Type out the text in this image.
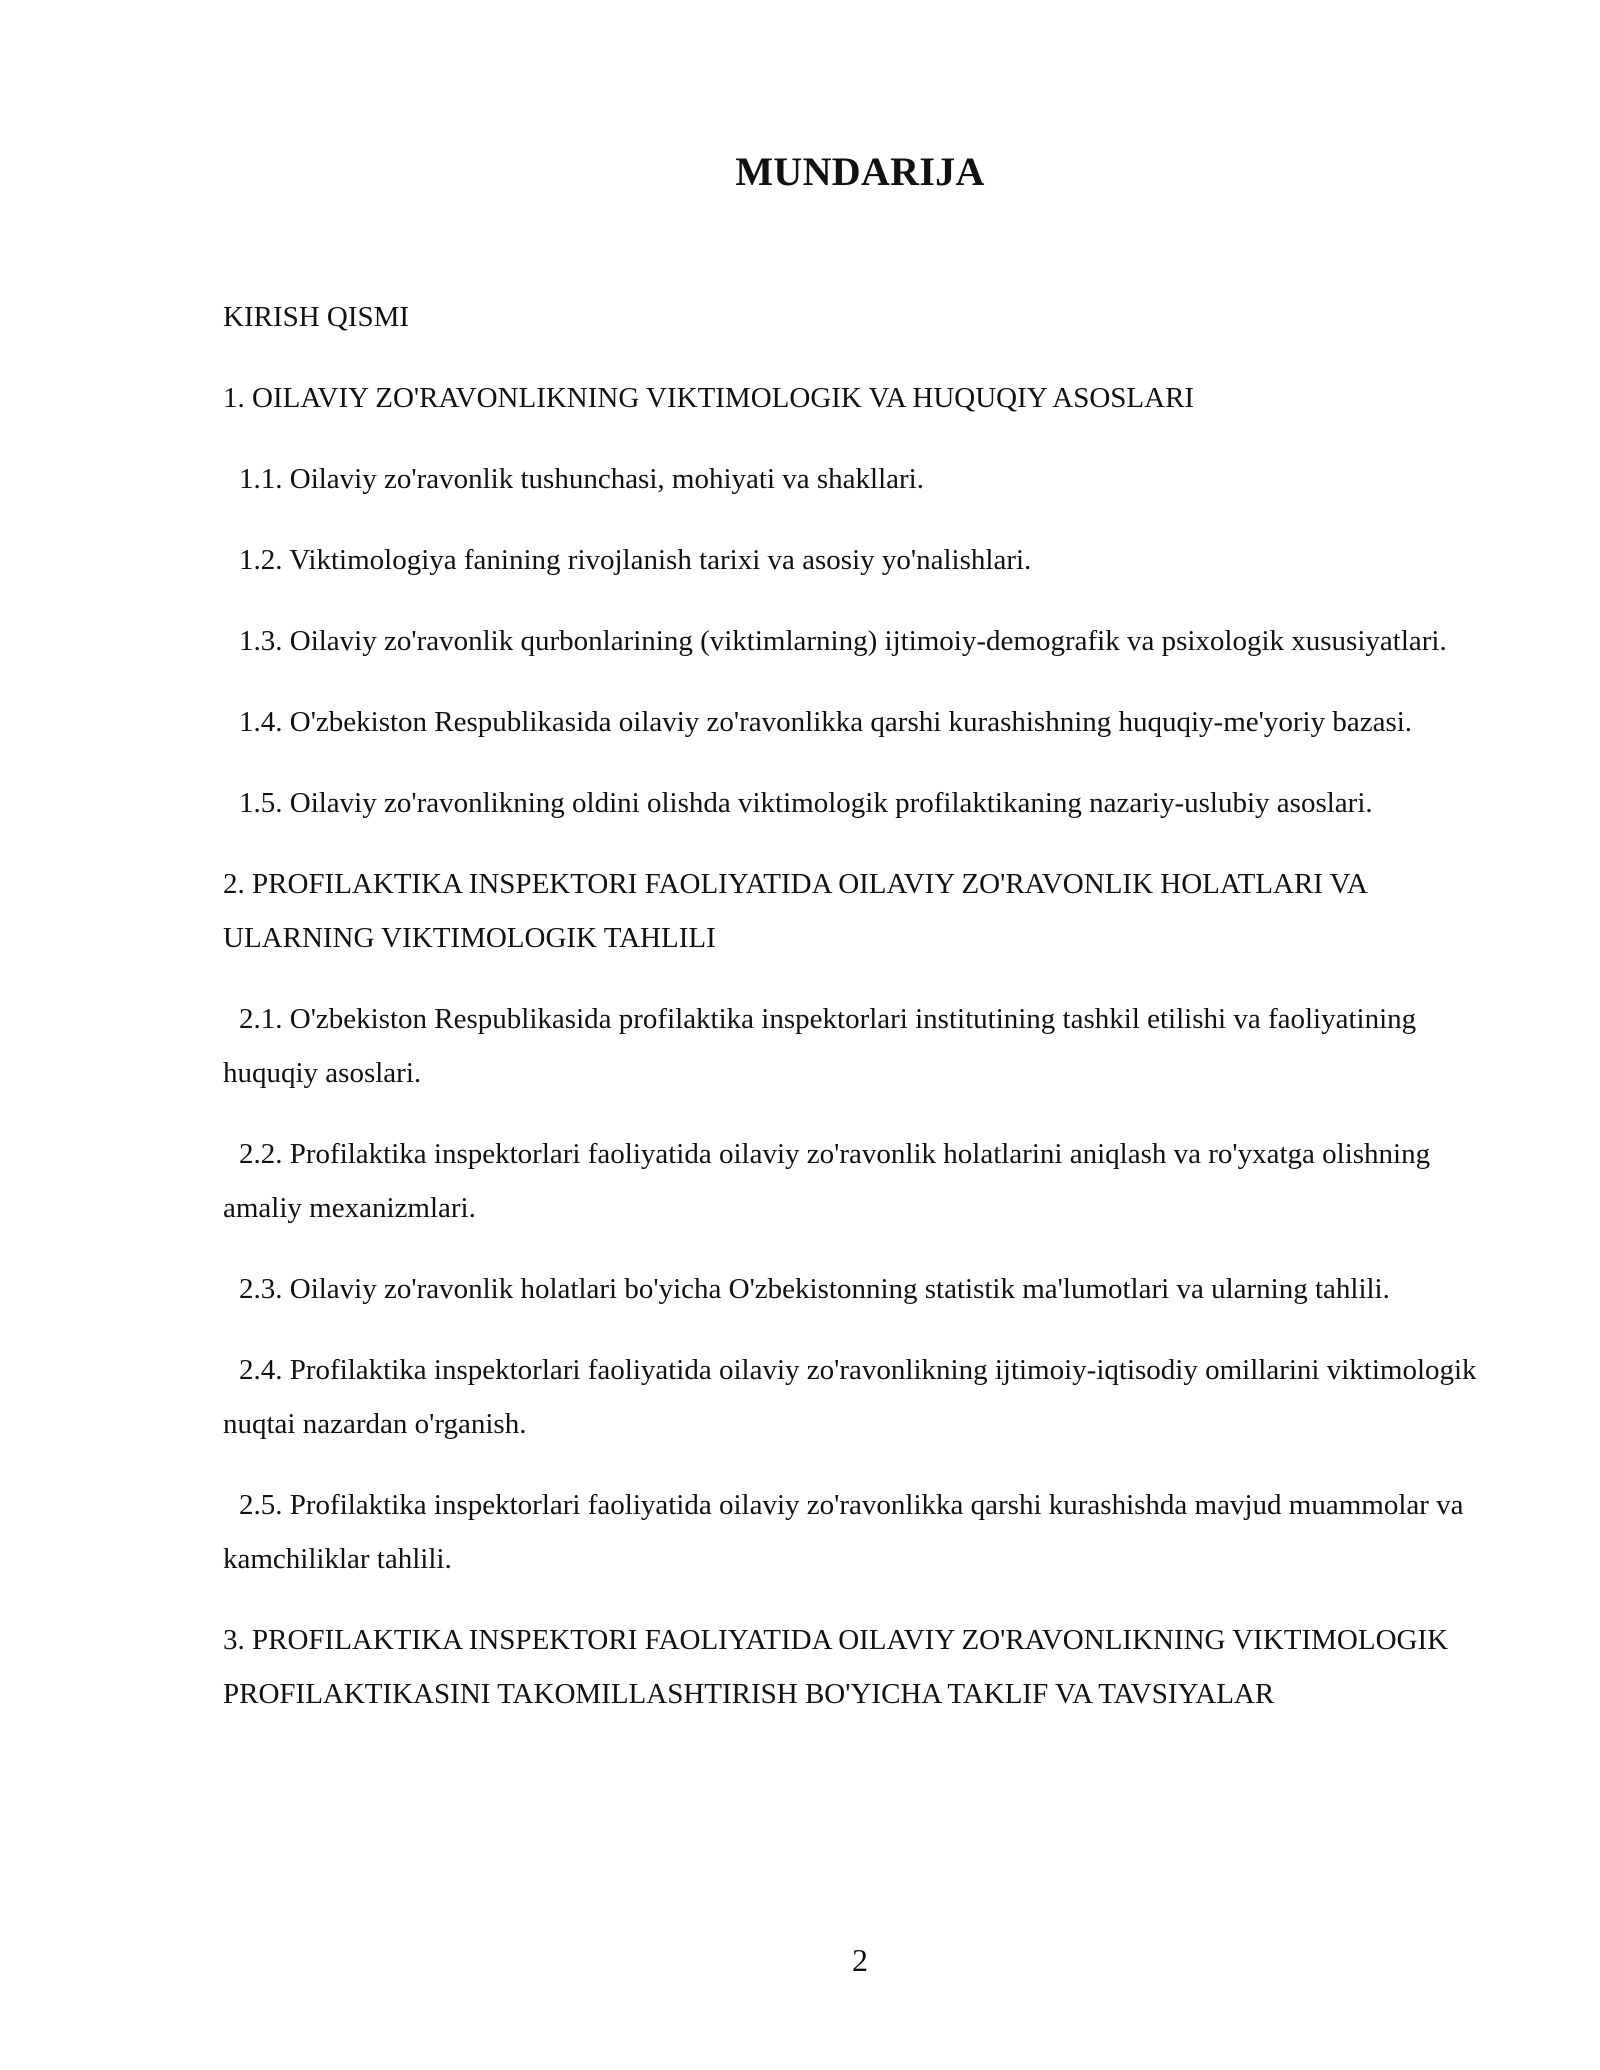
MUNDARIJA
KIRISH QISMI
1. OILAVIY ZO'RAVONLIKNING VIKTIMOLOGIK VA HUQUQIY ASOSLARI
1.1. Oilaviy zo'ravonlik tushunchasi, mohiyati va shakllari.
1.2. Viktimologiya fanining rivojlanish tarixi va asosiy yo'nalishlari.
1.3. Oilaviy zo'ravonlik qurbonlarining (viktimlarning) ijtimoiy-demografik va psixologik xususiyatlari.
1.4. O'zbekiston Respublikasida oilaviy zo'ravonlikka qarshi kurashishning huquqiy-me'yoriy bazasi.
1.5. Oilaviy zo'ravonlikning oldini olishda viktimologik profilaktikaning nazariy-uslubiy asoslari.
2. PROFILAKTIKA INSPEKTORI FAOLIYATIDA OILAVIY ZO'RAVONLIK HOLATLARI VA ULARNING VIKTIMOLOGIK TAHLILI
2.1. O'zbekiston Respublikasida profilaktika inspektorlari institutining tashkil etilishi va faoliyatining huquqiy asoslari.
2.2. Profilaktika inspektorlari faoliyatida oilaviy zo'ravonlik holatlarini aniqlash va ro'yxatga olishning amaliy mexanizmlari.
2.3. Oilaviy zo'ravonlik holatlari bo'yicha O'zbekistonning statistik ma'lumotlari va ularning tahlili.
2.4. Profilaktika inspektorlari faoliyatida oilaviy zo'ravonlikning ijtimoiy-iqtisodiy omillarini viktimologik nuqtai nazardan o'rganish.
2.5. Profilaktika inspektorlari faoliyatida oilaviy zo'ravonlikka qarshi kurashishda mavjud muammolar va kamchiliklar tahlili.
3. PROFILAKTIKA INSPEKTORI FAOLIYATIDA OILAVIY ZO'RAVONLIKNING VIKTIMOLOGIK PROFILAKTIKASINI TAKOMILLASHTIRISH BO'YICHA TAKLIF VA TAVSIYALAR
2
